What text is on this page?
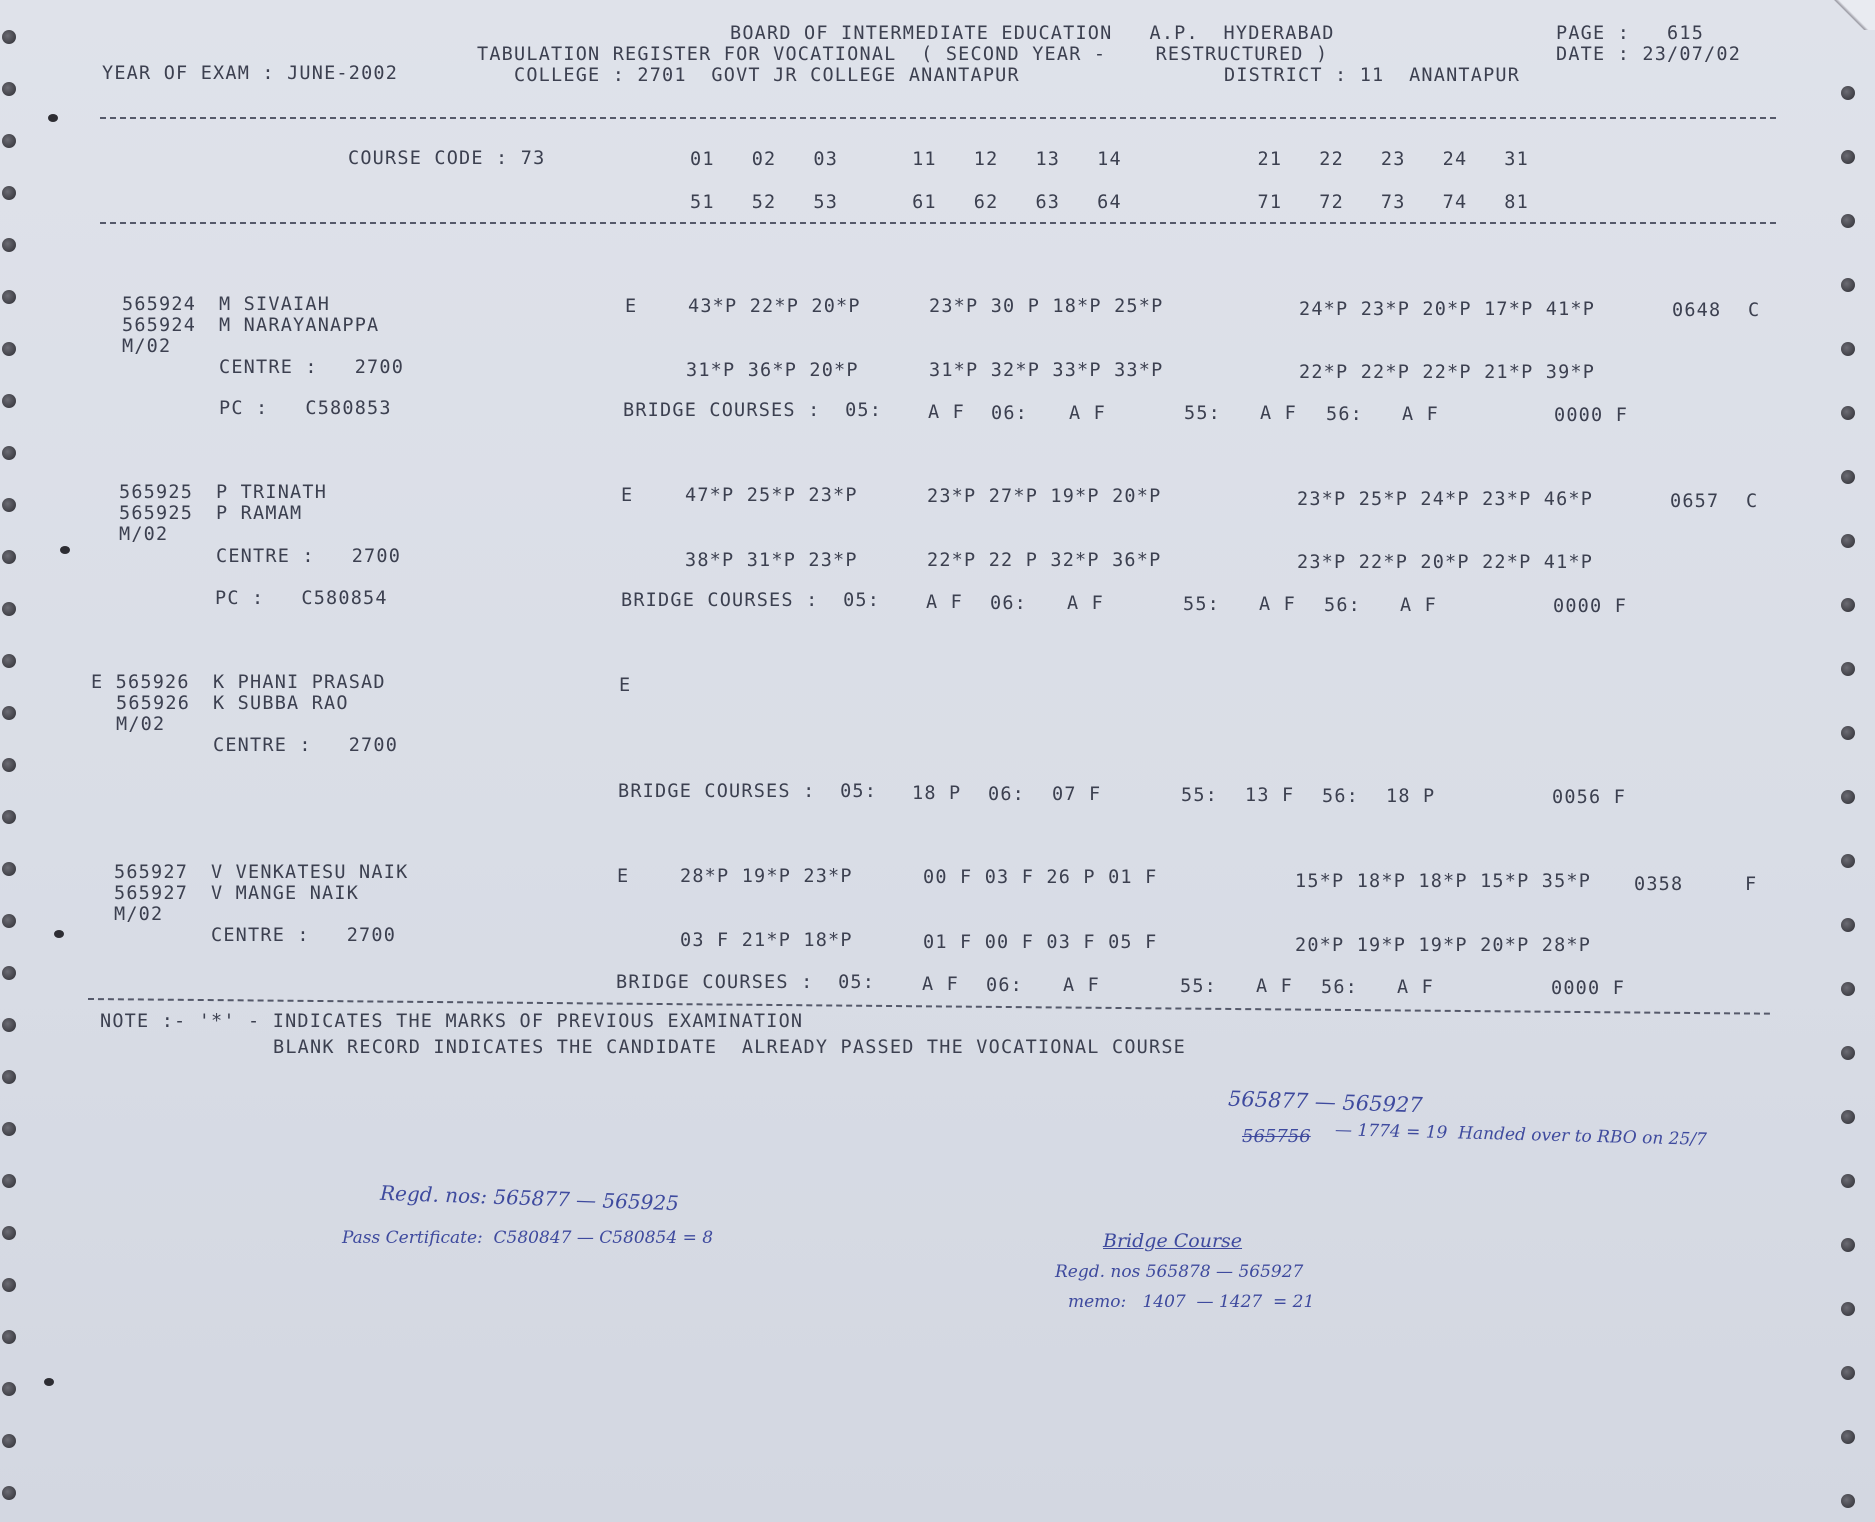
BOARD OF INTERMEDIATE EDUCATION   A.P.  HYDERABAD
TABULATION REGISTER FOR VOCATIONAL  ( SECOND YEAR -    RESTRUCTURED )
COLLEGE : 2701  GOVT JR COLLEGE ANANTAPUR	DISTRICT : 11  ANANTAPUR
YEAR OF EXAM : JUNE-2002
PAGE :   615
DATE : 23/07/02
COURSE CODE : 73	01   02   03      11   12   13   14           21   22   23   24   31
51   52   53      61   62   63   64           71   72   73   74   81
565924 M SIVAIAH
565924 M NARAYANAPPA
M/02
CENTRE :   2700
PC :   C580853
E	43*P 22*P 20*P	23*P 30 P 18*P 25*P	24*P 23*P 20*P 17*P 41*P	0648 C
31*P 36*P 20*P	31*P 32*P 33*P 33*P	22*P 22*P 22*P 21*P 39*P
BRIDGE COURSES :  05: A F 06: A F	55: A F 56: A F	0000 F
565925 P TRINATH
565925 P RAMAM
M/02
CENTRE :   2700
PC :   C580854
E	47*P 25*P 23*P	23*P 27*P 19*P 20*P	23*P 25*P 24*P 23*P 46*P	0657 C
38*P 31*P 23*P	22*P 22 P 32*P 36*P	23*P 22*P 20*P 22*P 41*P
BRIDGE COURSES :  05: A F 06: A F	55: A F 56: A F	0000 F
E 565926 K PHANI PRASAD
565926 K SUBBA RAO
M/02
CENTRE :   2700
E
BRIDGE COURSES :  05: 18 P 06: 07 F	55: 13 F 56: 18 P	0056 F
565927 V VENKATESU NAIK
565927 V MANGE NAIK
M/02
CENTRE :   2700
E	28*P 19*P 23*P	00 F 03 F 26 P 01 F	15*P 18*P 18*P 15*P 35*P 0358	F
03 F 21*P 18*P	01 F 00 F 03 F 05 F	20*P 19*P 19*P 20*P 28*P
BRIDGE COURSES :  05:	A F 06: A F	55: A F 56: A F	0000 F
NOTE :- '*' - INDICATES THE MARKS OF PREVIOUS EXAMINATION
BLANK RECORD INDICATES THE CANDIDATE  ALREADY PASSED THE VOCATIONAL COURSE
565877 — 565927
565756 — 1774 = 19  Handed over to RBO on 25/7
Regd. nos: 565877 — 565925
Pass Certificate:  C580847 — C580854 = 8	Bridge Course
Regd. nos 565878 — 565927
memo:   1407  — 1427  = 21
